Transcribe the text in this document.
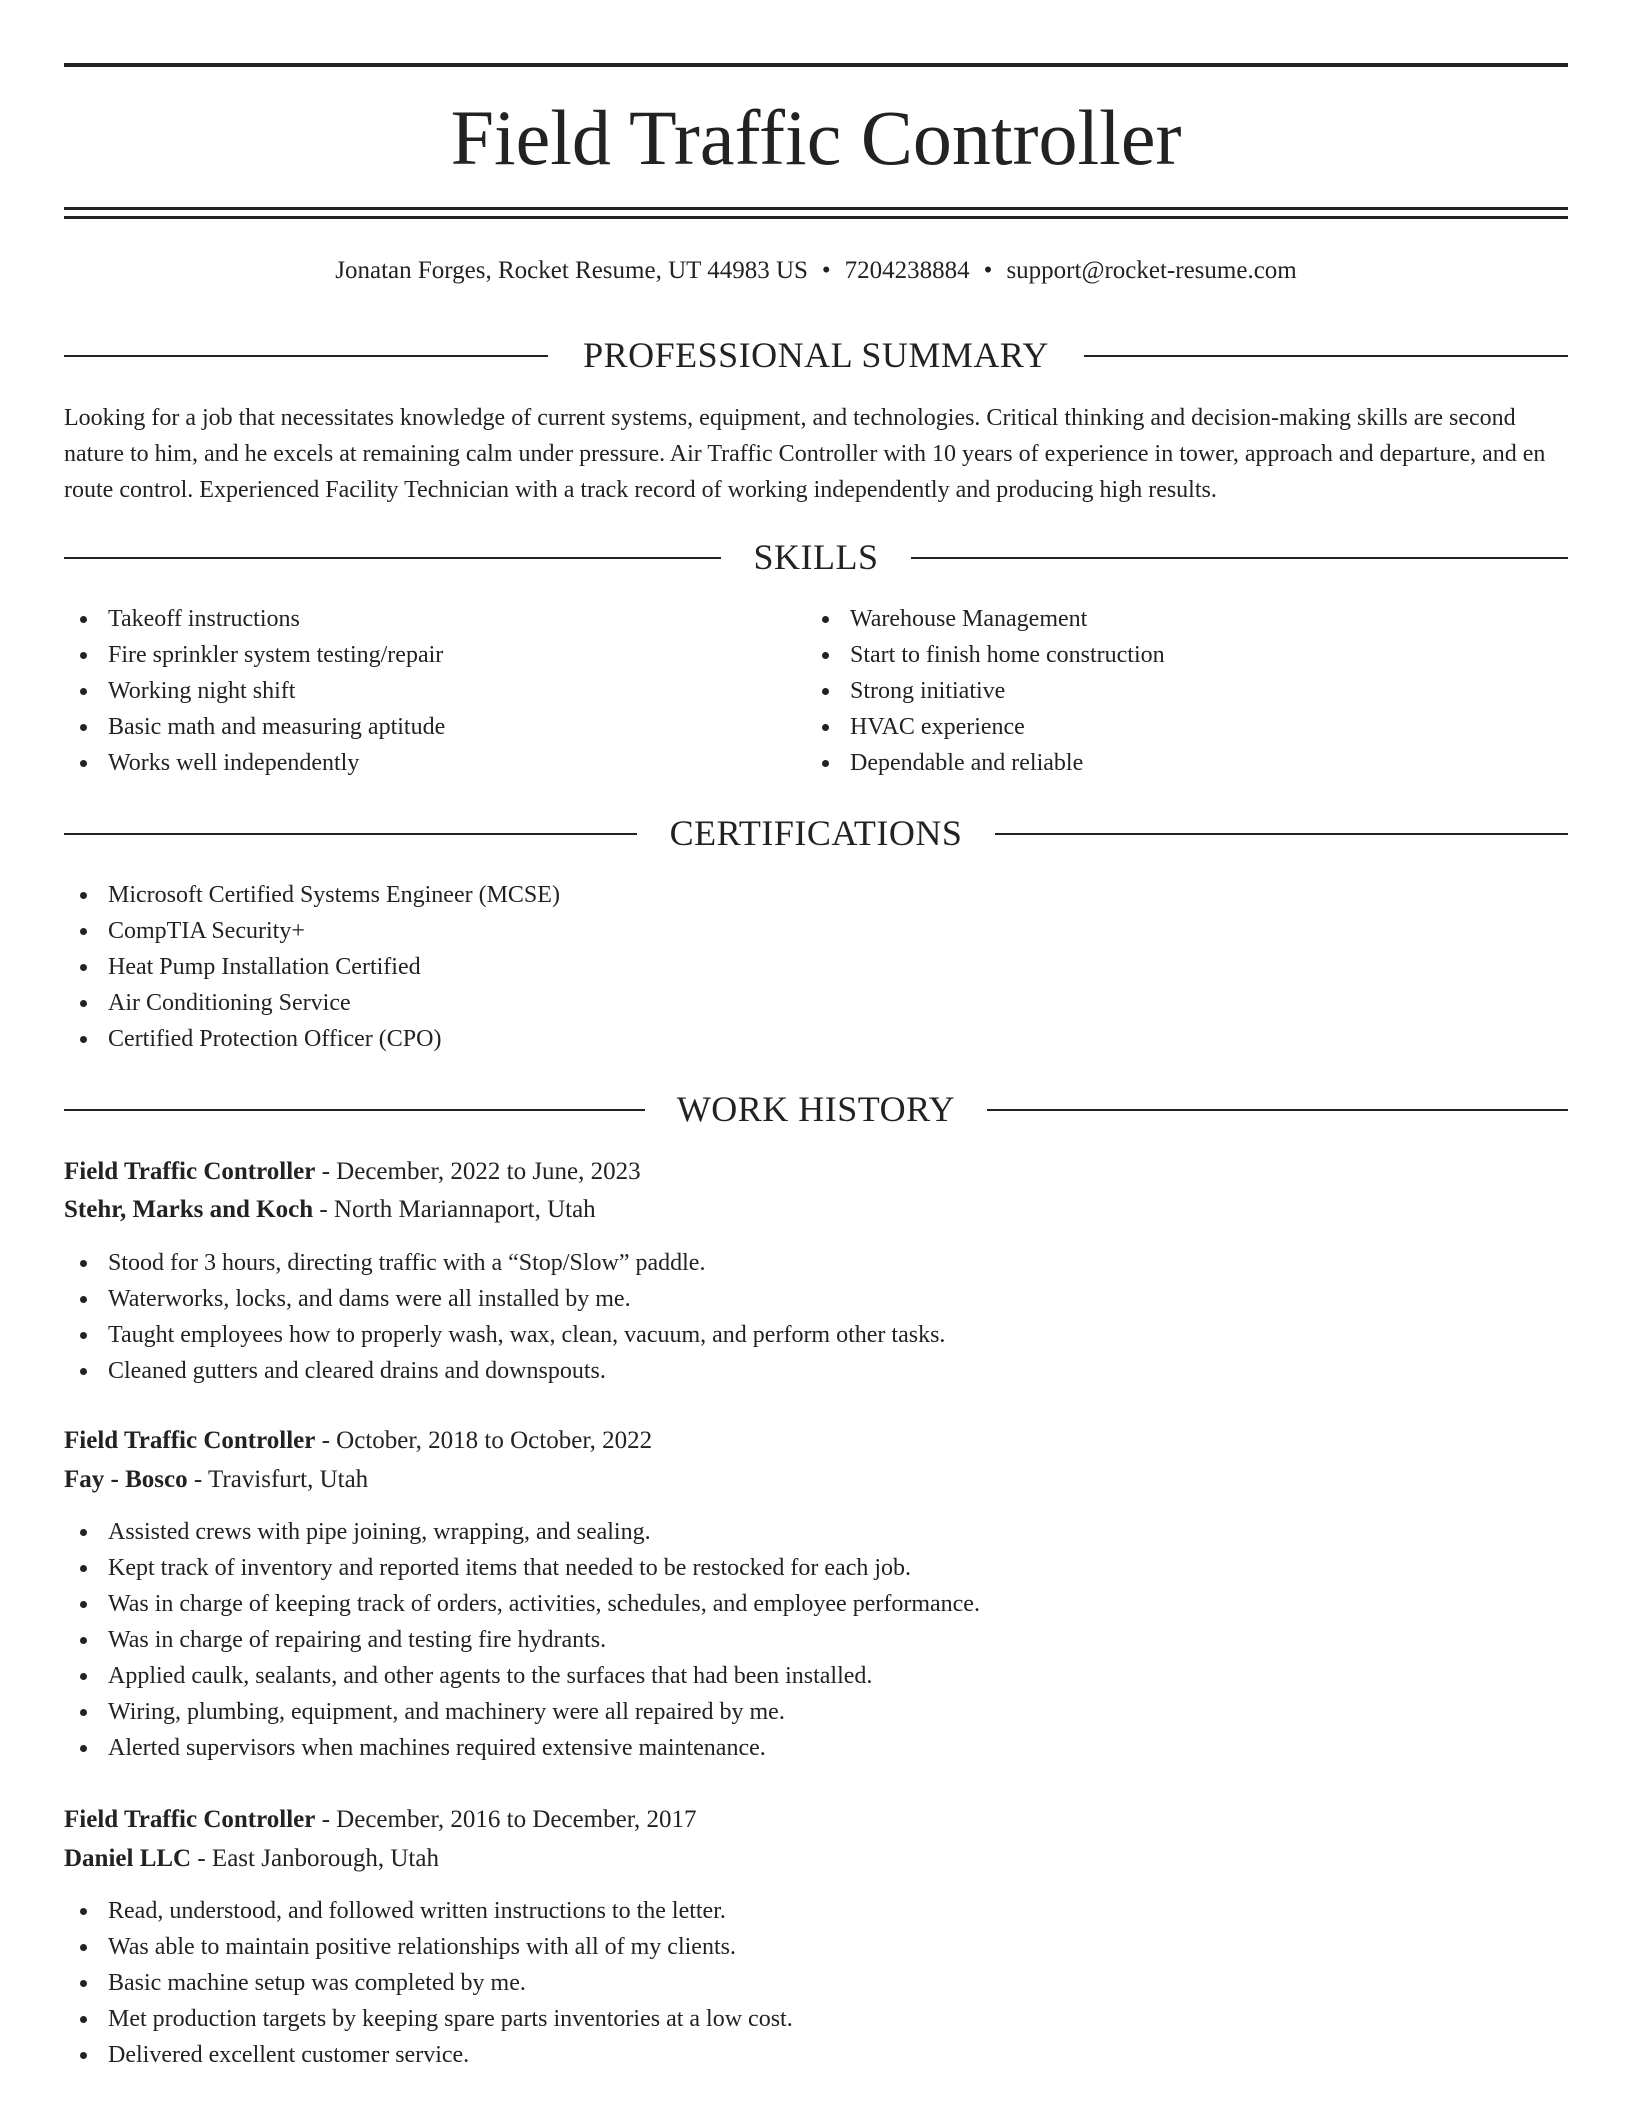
Field Traffic Controller

Jonatan Forges, Rocket Resume, UT 44983 US • 7204238884 • support@rocket-resume.com

PROFESSIONAL SUMMARY

Looking for a job that necessitates knowledge of current systems, equipment, and technologies. Critical thinking and decision-making skills are second nature to him, and he excels at remaining calm under pressure. Air Traffic Controller with 10 years of experience in tower, approach and departure, and en route control. Experienced Facility Technician with a track record of working independently and producing high results.

SKILLS
Takeoff instructions
Fire sprinkler system testing/repair
Working night shift
Basic math and measuring aptitude
Works well independently
Warehouse Management
Start to finish home construction
Strong initiative
HVAC experience
Dependable and reliable
CERTIFICATIONS
Microsoft Certified Systems Engineer (MCSE)
CompTIA Security+
Heat Pump Installation Certified
Air Conditioning Service
Certified Protection Officer (CPO)
WORK HISTORY

Field Traffic Controller - December, 2022 to June, 2023

Stehr, Marks and Koch - North Mariannaport, Utah

Stood for 3 hours, directing traffic with a “Stop/Slow” paddle.
Waterworks, locks, and dams were all installed by me.
Taught employees how to properly wash, wax, clean, vacuum, and perform other tasks.
Cleaned gutters and cleared drains and downspouts.

Field Traffic Controller - October, 2018 to October, 2022

Fay - Bosco - Travisfurt, Utah

Assisted crews with pipe joining, wrapping, and sealing.
Kept track of inventory and reported items that needed to be restocked for each job.
Was in charge of keeping track of orders, activities, schedules, and employee performance.
Was in charge of repairing and testing fire hydrants.
Applied caulk, sealants, and other agents to the surfaces that had been installed.
Wiring, plumbing, equipment, and machinery were all repaired by me.
Alerted supervisors when machines required extensive maintenance.

Field Traffic Controller - December, 2016 to December, 2017

Daniel LLC - East Janborough, Utah

Read, understood, and followed written instructions to the letter.
Was able to maintain positive relationships with all of my clients.
Basic machine setup was completed by me.
Met production targets by keeping spare parts inventories at a low cost.
Delivered excellent customer service.
